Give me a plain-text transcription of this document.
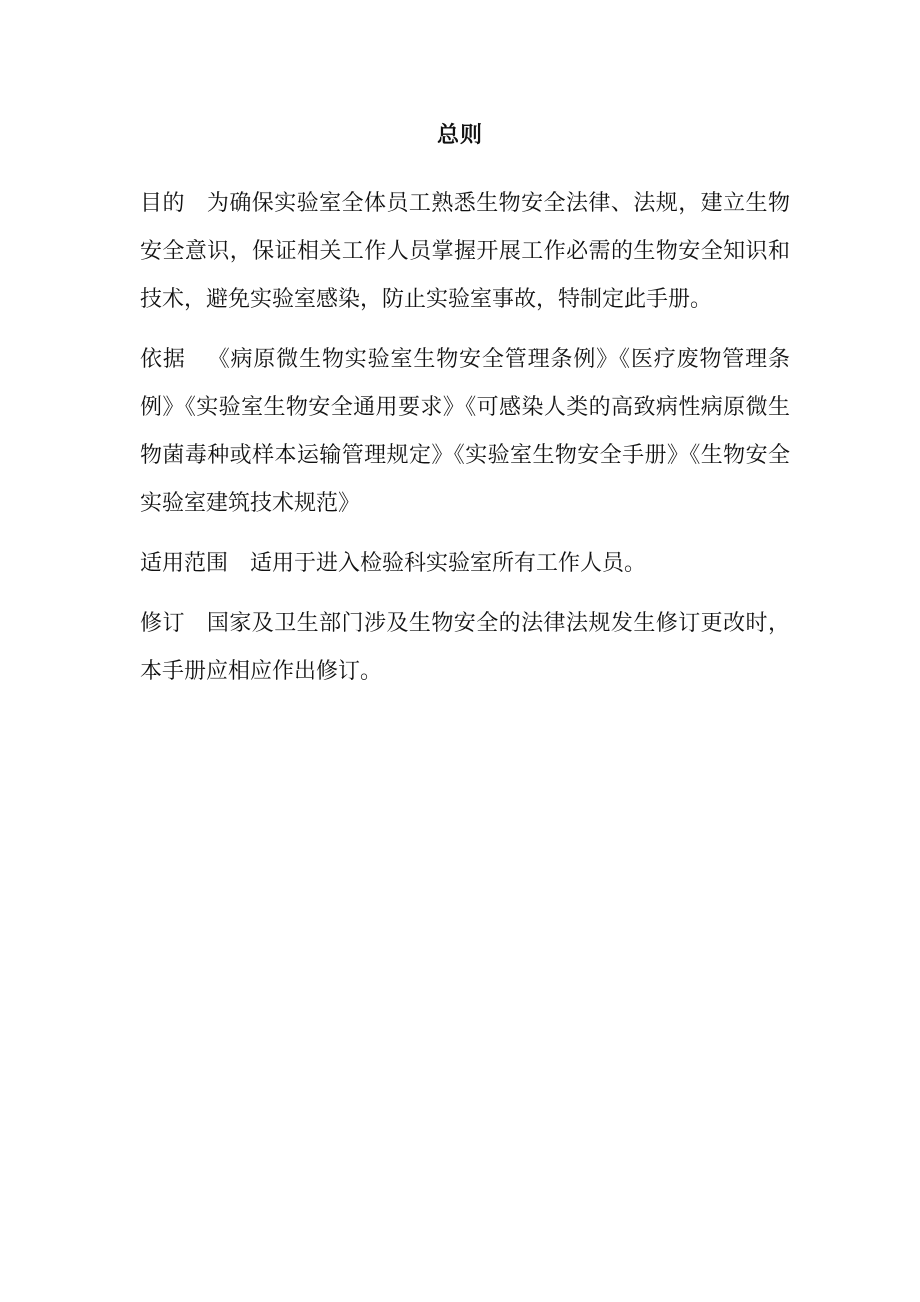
总则

目的 为确保实验室全体员工熟悉生物安全法律、法规，建立生物安全意识，保证相关工作人员掌握开展工作必需的生物安全知识和技术，避免实验室感染，防止实验室事故，特制定此手册。

依据 《病原微生物实验室生物安全管理条例》《医疗废物管理条例》《实验室生物安全通用要求》《可感染人类的高致病性病原微生物菌毒种或样本运输管理规定》《实验室生物安全手册》《生物安全实验室建筑技术规范》

适用范围 适用于进入检验科实验室所有工作人员。

修订 国家及卫生部门涉及生物安全的法律法规发生修订更改时，本手册应相应作出修订。
